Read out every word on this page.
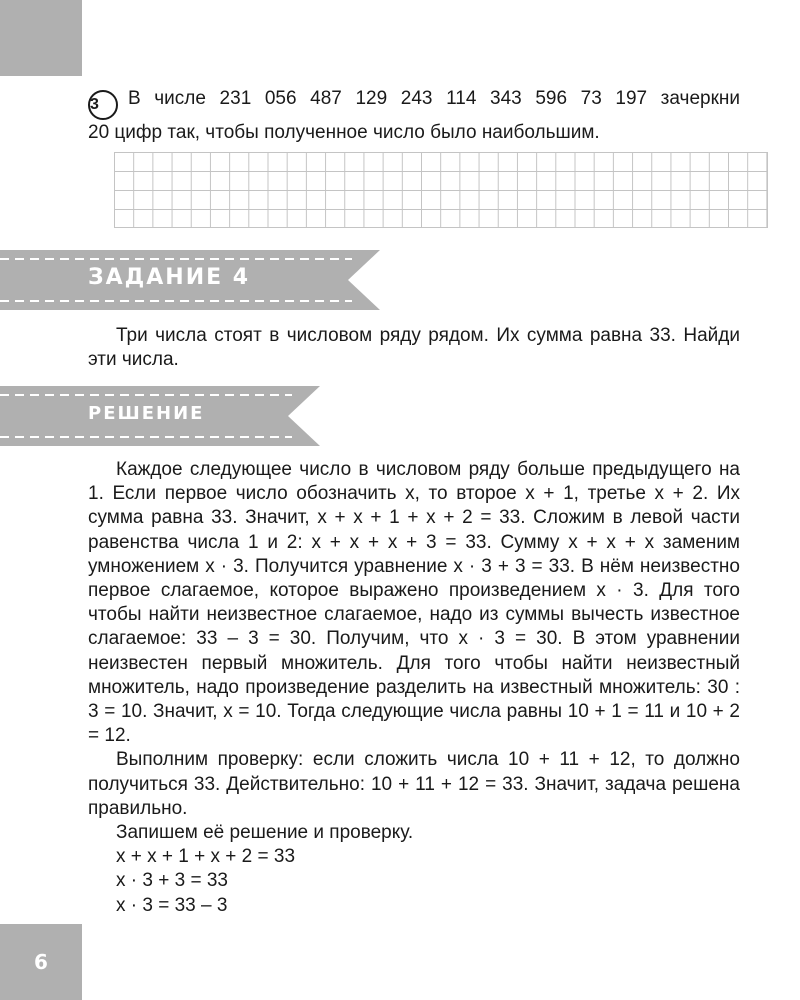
3 В числе 231 056 487 129 243 114 343 596 73 197 зачеркни
20 цифр так, чтобы полученное число было наибольшим.
ЗАДАНИЕ 4

Три числа стоят в числовом ряду рядом. Их сумма равна 33. Найди эти числа.

РЕШЕНИЕ

Каждое следующее число в числовом ряду больше предыдущего на 1. Если первое число обозначить x, то второе x + 1, третье x + 2. Их сумма равна 33. Значит, x + x + 1 + x + 2 = 33. Сложим в левой части равенства числа 1 и 2: x + x + x + 3 = 33. Сумму x + x + x заменим умножением x · 3. Получится уравнение x · 3 + 3 = 33. В нём неизвестно первое слагаемое, которое выражено произведением x · 3. Для того чтобы найти неизвестное слагаемое, надо из суммы вычесть известное слагаемое: 33 – 3 = 30. Получим, что x · 3 = 30. В этом уравнении неизвестен первый множитель. Для того чтобы найти неизвестный множитель, надо произведение разделить на известный множитель: 30 : 3 = 10. Значит, x = 10. Тогда следующие числа равны 10 + 1 = 11 и 10 + 2 = 12.

Выполним проверку: если сложить числа 10 + 11 + 12, то должно получиться 33. Действительно: 10 + 11 + 12 = 33. Значит, задача решена правильно.

Запишем её решение и проверку.

x + x + 1 + x + 2 = 33
x · 3 + 3 = 33
x · 3 = 33 – 3
6
